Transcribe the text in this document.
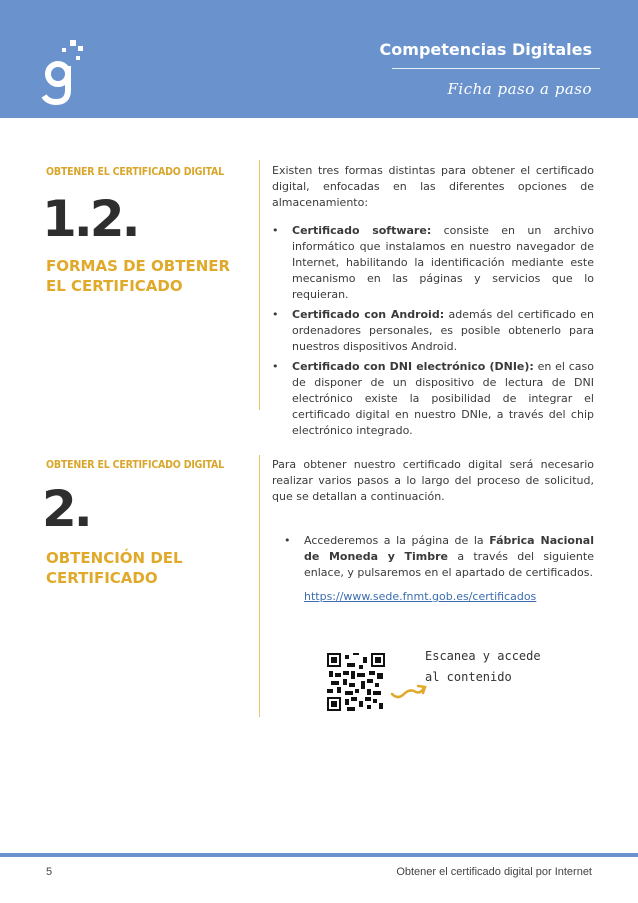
Competencias Digitales
Ficha paso a paso
OBTENER EL CERTIFICADO DIGITAL
1.2.
FORMAS DE OBTENER EL CERTIFICADO

Existen tres formas distintas para obtener el certificado digital, enfocadas en las diferentes opciones de almacenamiento:

• Certificado software: consiste en un archivo informático que instalamos en nuestro navegador de Internet, habilitando la identificación mediante este mecanismo en las páginas y servicios que lo requieran.
• Certificado con Android: además del certificado en ordenadores personales, es posible obtenerlo para nuestros dispositivos Android.
• Certificado con DNI electrónico (DNIe): en el caso de disponer de un dispositivo de lectura de DNI electrónico existe la posibilidad de integrar el certificado digital en nuestro DNIe, a través del chip electrónico integrado.
OBTENER EL CERTIFICADO DIGITAL
2.
OBTENCIÓN DEL CERTIFICADO

Para obtener nuestro certificado digital será necesario realizar varios pasos a lo largo del proceso de solicitud, que se detallan a continuación.

• Accederemos a la página de la Fábrica Nacional de Moneda y Timbre a través del siguiente enlace, y pulsaremos en el apartado de certificados.

https://www.sede.fnmt.gob.es/certificados

Escanea y accede
al contenido
5	Obtener el certificado digital por Internet
